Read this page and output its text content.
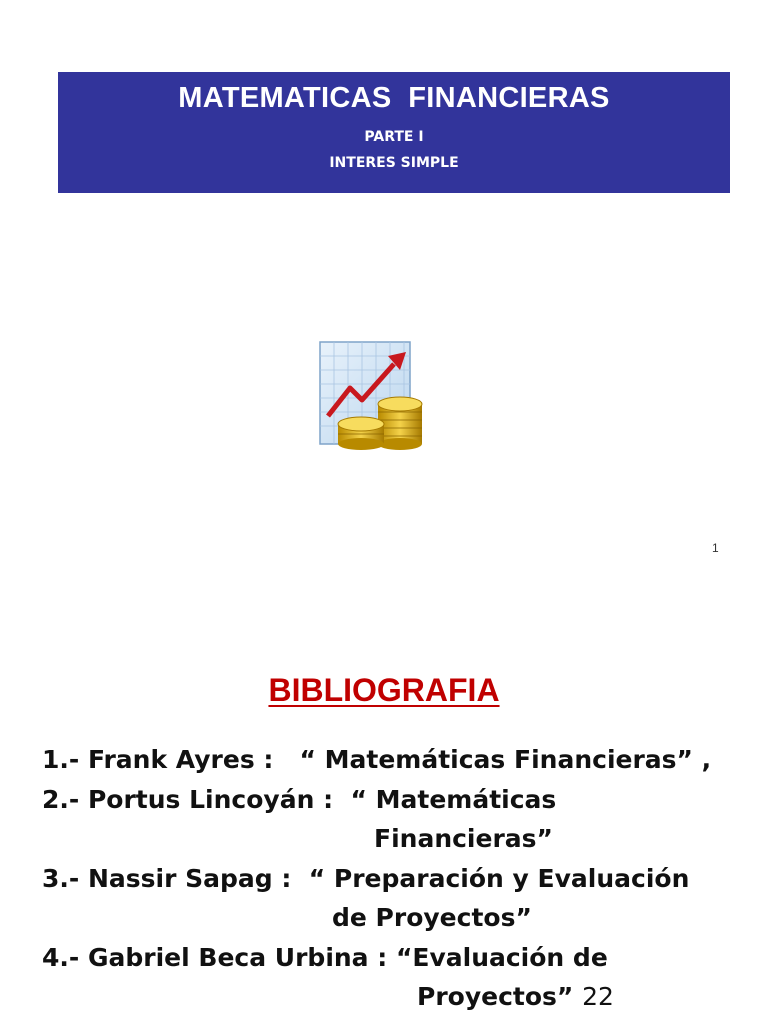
MATEMATICAS  FINANCIERAS
PARTE I
INTERES SIMPLE
1
BIBLIOGRAFIA
1.- Frank Ayres :   “ Matemáticas Financieras” ,
2.- Portus Lincoyán :  “ Matemáticas
Financieras”
3.- Nassir Sapag :  “ Preparación y Evaluación
de Proyectos”
4.- Gabriel Beca Urbina : “Evaluación de
Proyectos” 22
